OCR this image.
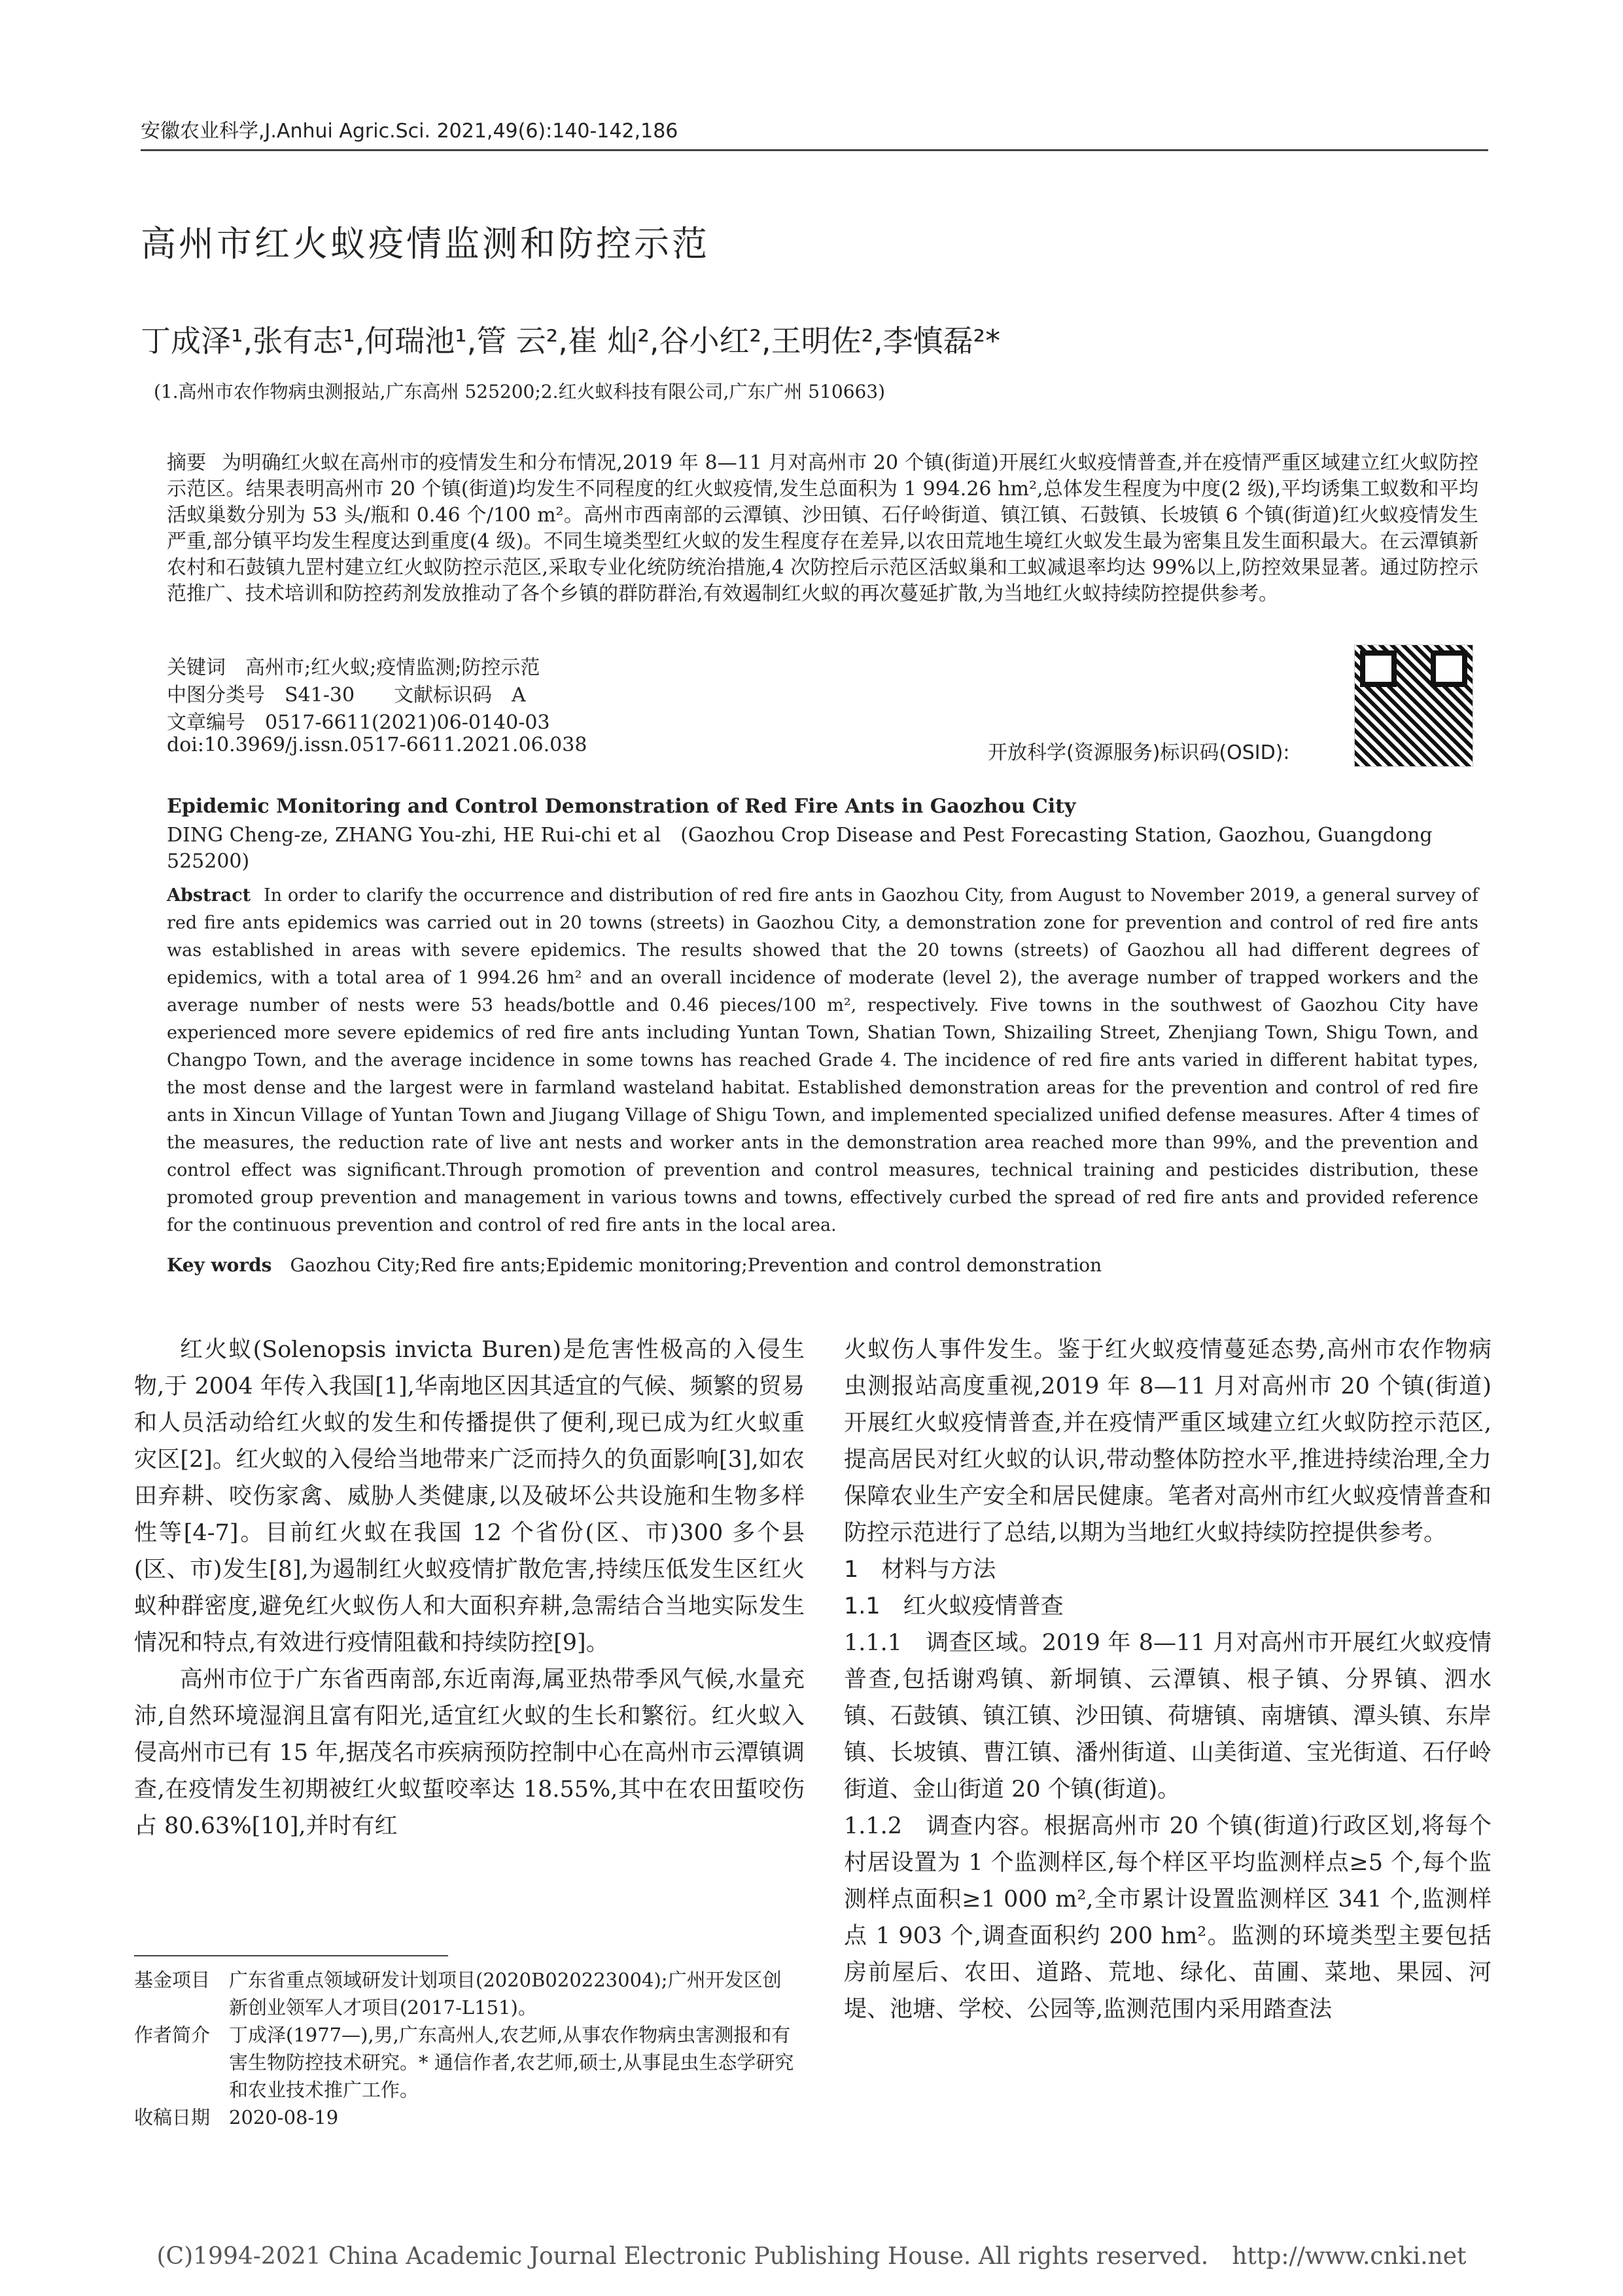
安徽农业科学,J.Anhui Agric.Sci. 2021,49(6):140-142,186
高州市红火蚁疫情监测和防控示范
丁成泽¹,张有志¹,何瑞池¹,管 云²,崔 灿²,谷小红²,王明佐²,李慎磊²*
(1.高州市农作物病虫测报站,广东高州 525200;2.红火蚁科技有限公司,广东广州 510663)
摘要 为明确红火蚁在高州市的疫情发生和分布情况,2019 年 8—11 月对高州市 20 个镇(街道)开展红火蚁疫情普查,并在疫情严重区域建立红火蚁防控示范区。结果表明高州市 20 个镇(街道)均发生不同程度的红火蚁疫情,发生总面积为 1 994.26 hm²,总体发生程度为中度(2 级),平均诱集工蚁数和平均活蚁巢数分别为 53 头/瓶和 0.46 个/100 m²。高州市西南部的云潭镇、沙田镇、石仔岭街道、镇江镇、石鼓镇、长坡镇 6 个镇(街道)红火蚁疫情发生严重,部分镇平均发生程度达到重度(4 级)。不同生境类型红火蚁的发生程度存在差异,以农田荒地生境红火蚁发生最为密集且发生面积最大。在云潭镇新农村和石鼓镇九罡村建立红火蚁防控示范区,采取专业化统防统治措施,4 次防控后示范区活蚁巢和工蚁减退率均达 99%以上,防控效果显著。通过防控示范推广、技术培训和防控药剂发放推动了各个乡镇的群防群治,有效遏制红火蚁的再次蔓延扩散,为当地红火蚁持续防控提供参考。
关键词　高州市;红火蚁;疫情监测;防控示范
中图分类号　S41-30　　文献标识码　A
文章编号　0517-6611(2021)06-0140-03
doi:10.3969/j.issn.0517-6611.2021.06.038	开放科学(资源服务)标识码(OSID):
Epidemic Monitoring and Control Demonstration of Red Fire Ants in Gaozhou City
DING Cheng-ze, ZHANG You-zhi, HE Rui-chi et al　(Gaozhou Crop Disease and Pest Forecasting Station, Gaozhou, Guangdong 525200)
Abstract In order to clarify the occurrence and distribution of red fire ants in Gaozhou City, from August to November 2019, a general survey of red fire ants epidemics was carried out in 20 towns (streets) in Gaozhou City, a demonstration zone for prevention and control of red fire ants was established in areas with severe epidemics. The results showed that the 20 towns (streets) of Gaozhou all had different degrees of epidemics, with a total area of 1 994.26 hm² and an overall incidence of moderate (level 2), the average number of trapped workers and the average number of nests were 53 heads/bottle and 0.46 pieces/100 m², respectively. Five towns in the southwest of Gaozhou City have experienced more severe epidemics of red fire ants including Yuntan Town, Shatian Town, Shizailing Street, Zhenjiang Town, Shigu Town, and Changpo Town, and the average incidence in some towns has reached Grade 4. The incidence of red fire ants varied in different habitat types, the most dense and the largest were in farmland wasteland habitat. Established demonstration areas for the prevention and control of red fire ants in Xincun Village of Yuntan Town and Jiugang Village of Shigu Town, and implemented specialized unified defense measures. After 4 times of the measures, the reduction rate of live ant nests and worker ants in the demonstration area reached more than 99%, and the prevention and control effect was significant.Through promotion of prevention and control measures, technical training and pesticides distribution, these promoted group prevention and management in various towns and towns, effectively curbed the spread of red fire ants and provided reference for the continuous prevention and control of red fire ants in the local area.
Key words Gaozhou City;Red fire ants;Epidemic monitoring;Prevention and control demonstration

红火蚁(Solenopsis invicta Buren)是危害性极高的入侵生物,于 2004 年传入我国[1],华南地区因其适宜的气候、频繁的贸易和人员活动给红火蚁的发生和传播提供了便利,现已成为红火蚁重灾区[2]。红火蚁的入侵给当地带来广泛而持久的负面影响[3],如农田弃耕、咬伤家禽、威胁人类健康,以及破坏公共设施和生物多样性等[4-7]。目前红火蚁在我国 12 个省份(区、市)300 多个县(区、市)发生[8],为遏制红火蚁疫情扩散危害,持续压低发生区红火蚁种群密度,避免红火蚁伤人和大面积弃耕,急需结合当地实际发生情况和特点,有效进行疫情阻截和持续防控[9]。

高州市位于广东省西南部,东近南海,属亚热带季风气候,水量充沛,自然环境湿润且富有阳光,适宜红火蚁的生长和繁衍。红火蚁入侵高州市已有 15 年,据茂名市疾病预防控制中心在高州市云潭镇调查,在疫情发生初期被红火蚁蜇咬率达 18.55%,其中在农田蜇咬伤占 80.63%[10],并时有红

火蚁伤人事件发生。鉴于红火蚁疫情蔓延态势,高州市农作物病虫测报站高度重视,2019 年 8—11 月对高州市 20 个镇(街道)开展红火蚁疫情普查,并在疫情严重区域建立红火蚁防控示范区,提高居民对红火蚁的认识,带动整体防控水平,推进持续治理,全力保障农业生产安全和居民健康。笔者对高州市红火蚁疫情普查和防控示范进行了总结,以期为当地红火蚁持续防控提供参考。

1　材料与方法

1.1　红火蚁疫情普查

1.1.1　调查区域。2019 年 8—11 月对高州市开展红火蚁疫情普查,包括谢鸡镇、新垌镇、云潭镇、根子镇、分界镇、泗水镇、石鼓镇、镇江镇、沙田镇、荷塘镇、南塘镇、潭头镇、东岸镇、长坡镇、曹江镇、潘州街道、山美街道、宝光街道、石仔岭街道、金山街道 20 个镇(街道)。

1.1.2　调查内容。根据高州市 20 个镇(街道)行政区划,将每个村居设置为 1 个监测样区,每个样区平均监测样点≥5 个,每个监测样点面积≥1 000 m²,全市累计设置监测样区 341 个,监测样点 1 903 个,调查面积约 200 hm²。监测的环境类型主要包括房前屋后、农田、道路、荒地、绿化、苗圃、菜地、果园、河堤、池塘、学校、公园等,监测范围内采用踏查法

基金项目 广东省重点领域研发计划项目(2020B020223004);广州开发区创新创业领军人才项目(2017-L151)。
作者简介 丁成泽(1977—),男,广东高州人,农艺师,从事农作物病虫害测报和有害生物防控技术研究。* 通信作者,农艺师,硕士,从事昆虫生态学研究和农业技术推广工作。
收稿日期 2020-08-19
(C)1994-2021 China Academic Journal Electronic Publishing House. All rights reserved.　http://www.cnki.net
